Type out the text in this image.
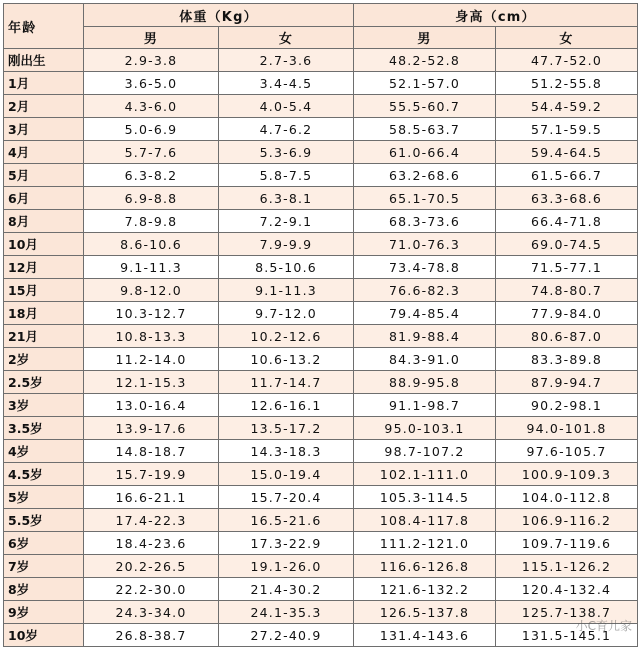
年龄	体重（Kg）		身高（cm）	
	男	女	男	女
刚出生	2.9-3.8	2.7-3.6	48.2-52.8	47.7-52.0
1月	3.6-5.0	3.4-4.5	52.1-57.0	51.2-55.8
2月	4.3-6.0	4.0-5.4	55.5-60.7	54.4-59.2
3月	5.0-6.9	4.7-6.2	58.5-63.7	57.1-59.5
4月	5.7-7.6	5.3-6.9	61.0-66.4	59.4-64.5
5月	6.3-8.2	5.8-7.5	63.2-68.6	61.5-66.7
6月	6.9-8.8	6.3-8.1	65.1-70.5	63.3-68.6
8月	7.8-9.8	7.2-9.1	68.3-73.6	66.4-71.8
10月	8.6-10.6	7.9-9.9	71.0-76.3	69.0-74.5
12月	9.1-11.3	8.5-10.6	73.4-78.8	71.5-77.1
15月	9.8-12.0	9.1-11.3	76.6-82.3	74.8-80.7
18月	10.3-12.7	9.7-12.0	79.4-85.4	77.9-84.0
21月	10.8-13.3	10.2-12.6	81.9-88.4	80.6-87.0
2岁	11.2-14.0	10.6-13.2	84.3-91.0	83.3-89.8
2.5岁	12.1-15.3	11.7-14.7	88.9-95.8	87.9-94.7
3岁	13.0-16.4	12.6-16.1	91.1-98.7	90.2-98.1
3.5岁	13.9-17.6	13.5-17.2	95.0-103.1	94.0-101.8
4岁	14.8-18.7	14.3-18.3	98.7-107.2	97.6-105.7
4.5岁	15.7-19.9	15.0-19.4	102.1-111.0	100.9-109.3
5岁	16.6-21.1	15.7-20.4	105.3-114.5	104.0-112.8
5.5岁	17.4-22.3	16.5-21.6	108.4-117.8	106.9-116.2
6岁	18.4-23.6	17.3-22.9	111.2-121.0	109.7-119.6
7岁	20.2-26.5	19.1-26.0	116.6-126.8	115.1-126.2
8岁	22.2-30.0	21.4-30.2	121.6-132.2	120.4-132.4
9岁	24.3-34.0	24.1-35.3	126.5-137.8	125.7-138.7
10岁	26.8-38.7	27.2-40.9	131.4-143.6	131.5-145.1
小C育儿家
